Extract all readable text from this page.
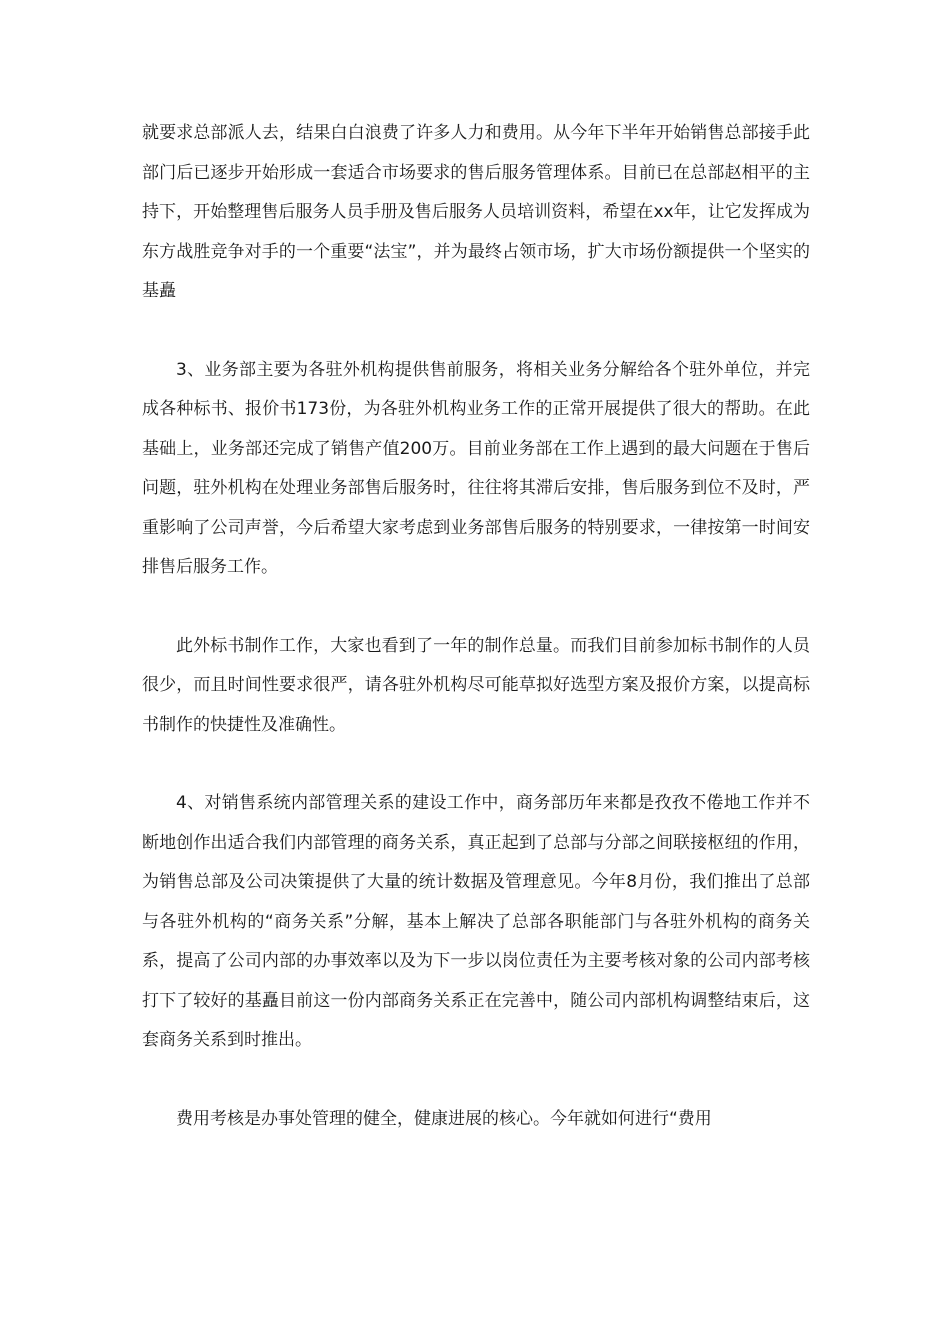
就要求总部派人去，结果白白浪费了许多人力和费用。从今年下半年开始销售总部接手此部门后已逐步开始形成一套适合市场要求的售后服务管理体系。目前已在总部赵相平的主持下，开始整理售后服务人员手册及售后服务人员培训资料，希望在xx年，让它发挥成为东方战胜竞争对手的一个重要“法宝”，并为最终占领市场，扩大市场份额提供一个坚实的基矗

3、业务部主要为各驻外机构提供售前服务，将相关业务分解给各个驻外单位，并完成各种标书、报价书173份，为各驻外机构业务工作的正常开展提供了很大的帮助。在此基础上，业务部还完成了销售产值200万。目前业务部在工作上遇到的最大问题在于售后问题，驻外机构在处理业务部售后服务时，往往将其滞后安排，售后服务到位不及时，严重影响了公司声誉，今后希望大家考虑到业务部售后服务的特别要求，一律按第一时间安排售后服务工作。

此外标书制作工作，大家也看到了一年的制作总量。而我们目前参加标书制作的人员很少，而且时间性要求很严，请各驻外机构尽可能草拟好选型方案及报价方案，以提高标书制作的快捷性及准确性。

4、对销售系统内部管理关系的建设工作中，商务部历年来都是孜孜不倦地工作并不断地创作出适合我们内部管理的商务关系，真正起到了总部与分部之间联接枢纽的作用，为销售总部及公司决策提供了大量的统计数据及管理意见。今年8月份，我们推出了总部与各驻外机构的“商务关系”分解，基本上解决了总部各职能部门与各驻外机构的商务关系，提高了公司内部的办事效率以及为下一步以岗位责任为主要考核对象的公司内部考核打下了较好的基矗目前这一份内部商务关系正在完善中，随公司内部机构调整结束后，这套商务关系到时推出。

费用考核是办事处管理的健全，健康进展的核心。今年就如何进行“费用
